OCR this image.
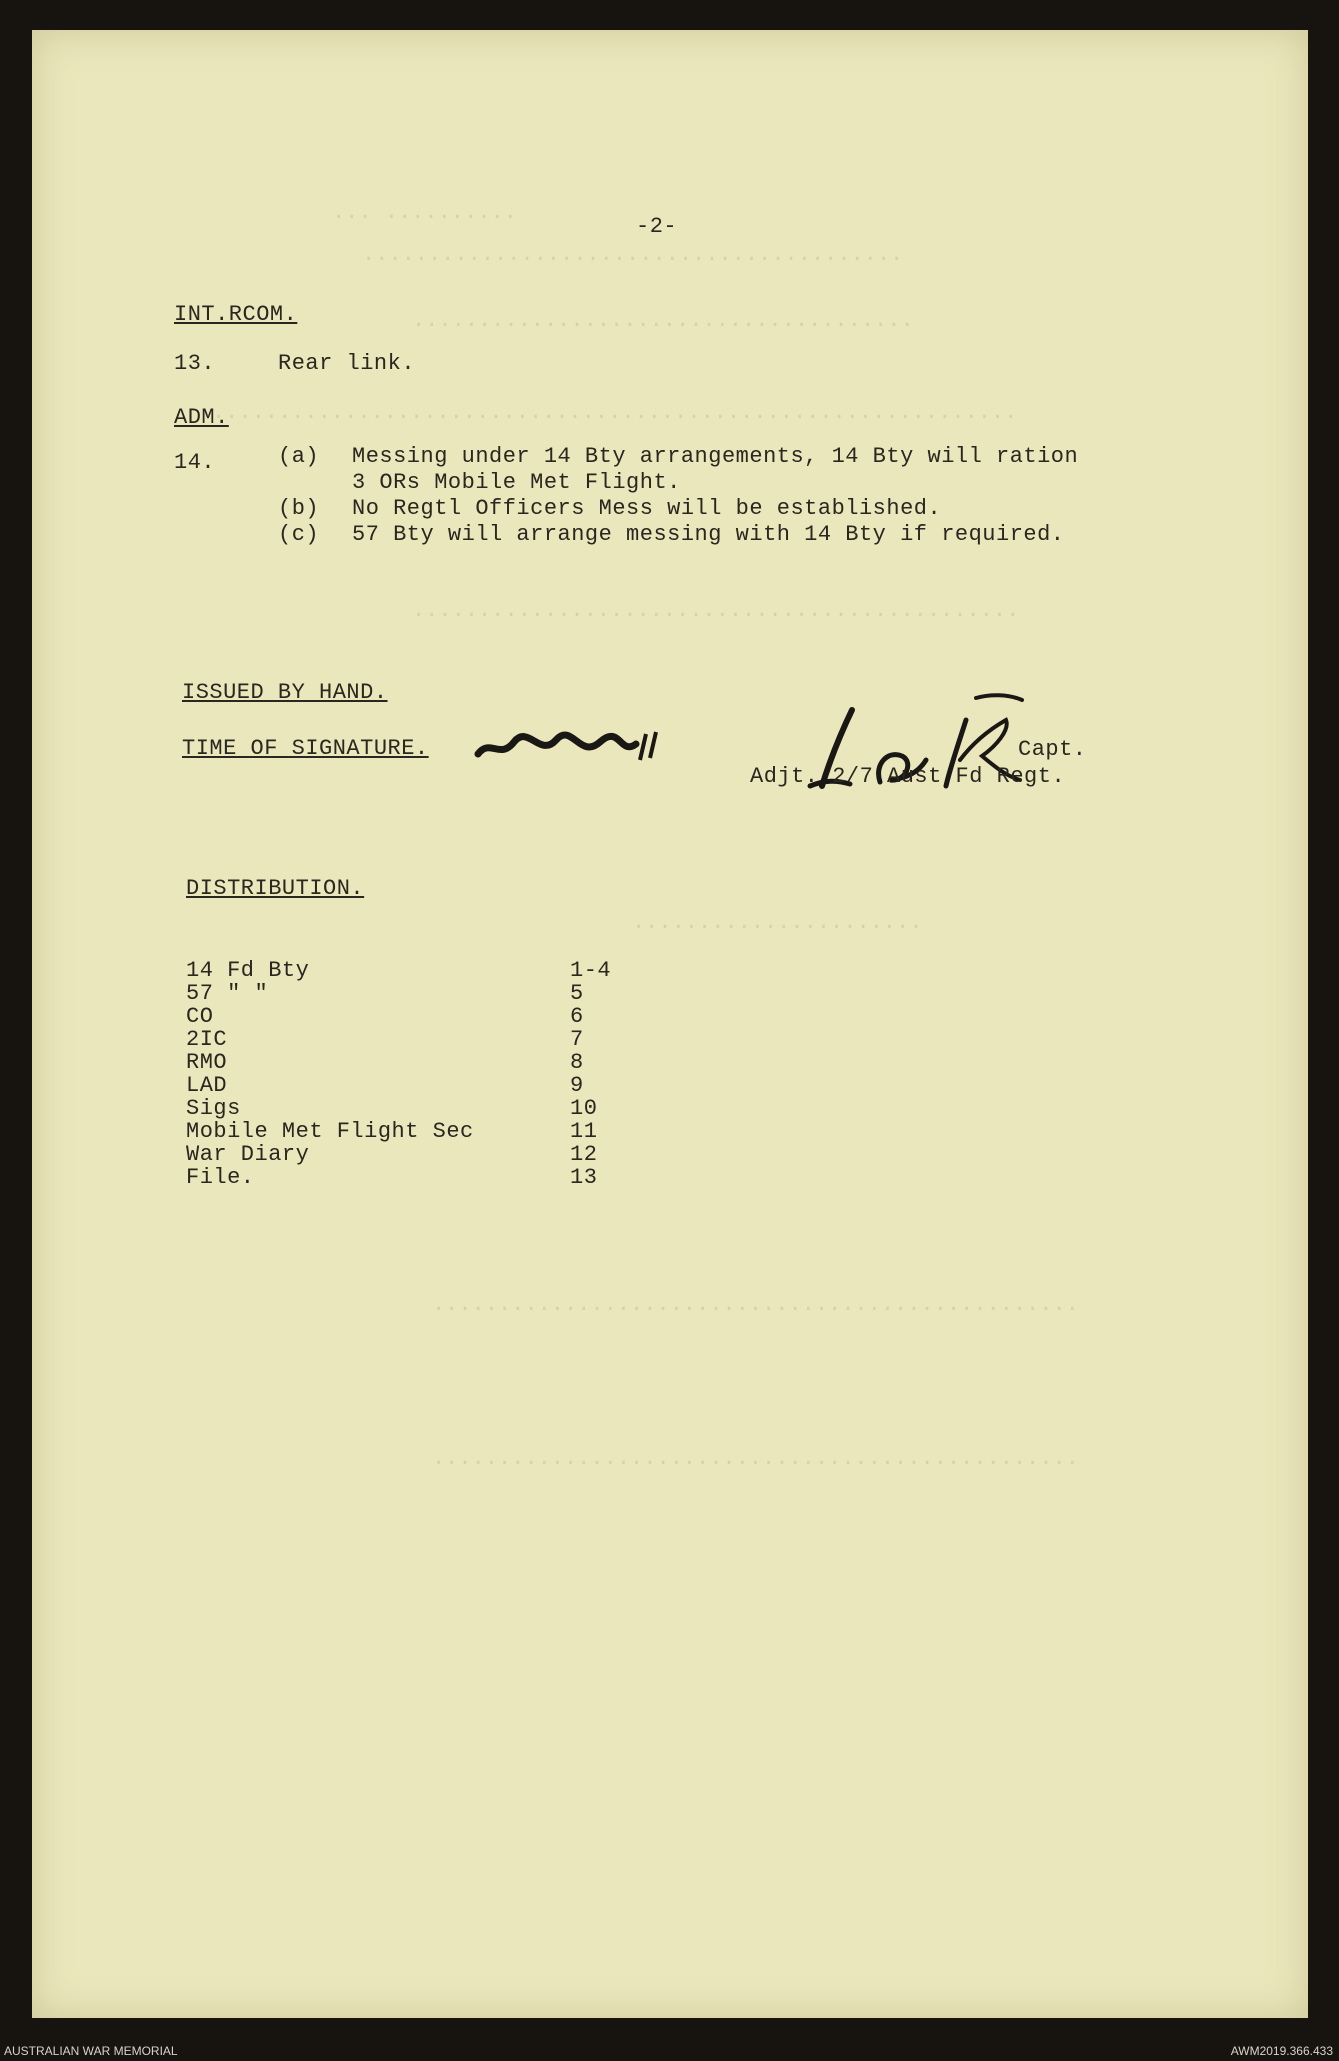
.......... ...
.........................................
......................................
.............................................................
..............................................
......................
.................................................
.................................................
-2-
INT.RCOM.
13.	Rear link.
ADM.
14.	(a) Messing under 14 Bty arrangements, 14 Bty will ration
3 ORs Mobile Met Flight.
(b) No Regtl Officers Mess will be established.
(c) 57 Bty will arrange messing with 14 Bty if required.
ISSUED BY HAND.
TIME OF SIGNATURE.	Capt.
Adjt. 2/7 Aust Fd Regt.
DISTRIBUTION.
14 Fd Bty	1-4
57 " "	5
CO	6
2IC	7
RMO	8
LAD	9
Sigs	10
Mobile Met Flight Sec	11
War Diary	12
File.	13
AUSTRALIAN WAR MEMORIAL	AWM2019.366.433
